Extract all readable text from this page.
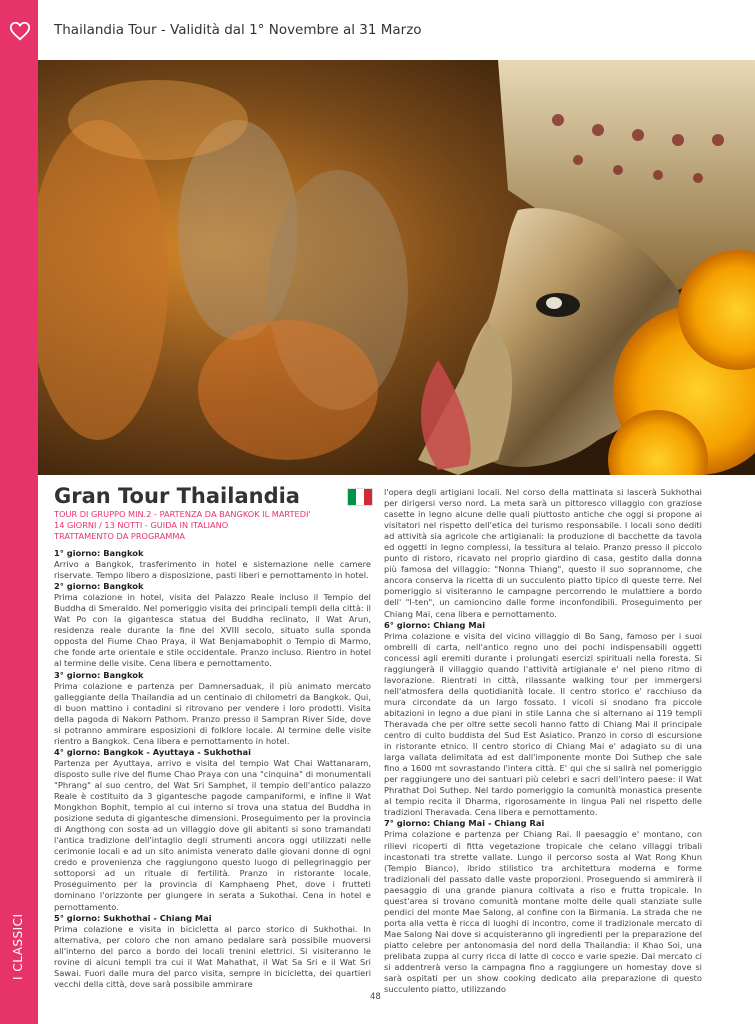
I CLASSICI
Thailandia Tour - Validità dal 1° Novembre al 31 Marzo
Gran Tour Thailandia
TOUR DI GRUPPO MIN.2 - PARTENZA DA BANGKOK IL MARTEDI'
14 GIORNI / 13 NOTTI - GUIDA IN ITALIANO
TRATTAMENTO DA PROGRAMMA
1° giorno: Bangkok

Arrivo a Bangkok, trasferimento in hotel e sistemazione nelle camere riservate. Tempo libero a disposizione, pasti liberi e pernottamento in hotel.

2° giorno: Bangkok

Prima colazione in hotel, visita del Palazzo Reale incluso il Tempio del Buddha di Smeraldo. Nel pomeriggio visita dei principali templi della città: il Wat Po con la gigantesca statua del Buddha reclinato, il Wat Arun, residenza reale durante la fine del XVIII secolo, situato sulla sponda opposta del Fiume Chao Praya, il Wat Benjamabophit o Tempio di Marmo, che fonde arte orientale e stile occidentale. Pranzo incluso. Rientro in hotel al termine delle visite. Cena libera e pernottamento.

3° giorno: Bangkok

Prima colazione e partenza per Damnersaduak, il più animato mercato galleggiante della Thailandia ad un centinaio di chilometri da Bangkok. Qui, di buon mattino i contadini si ritrovano per vendere i loro prodotti. Visita della pagoda di Nakorn Pathom. Pranzo presso il Sampran River Side, dove si potranno ammirare esposizioni di folklore locale. Al termine delle visite rientro a Bangkok. Cena libera e pernottamento in hotel.

4° giorno: Bangkok - Ayuttaya - Sukhothai

Partenza per Ayuttaya, arrivo e visita del tempio Wat Chai Wattanaram, disposto sulle rive del fiume Chao Praya con una "cinquina" di monumentali "Phrang" al suo centro, del Wat Sri Samphet, il tempio dell'antico palazzo Reale è costituito da 3 gigantesche pagode campaniformi, e infine il Wat Mongkhon Bophit, tempio al cui interno si trova una statua del Buddha in posizione seduta di gigantesche dimensioni. Proseguimento per la provincia di Angthong con sosta ad un villaggio dove gli abitanti si sono tramandati l'antica tradizione dell'intaglio degli strumenti ancora oggi utilizzati nelle cerimonie locali e ad un sito animista venerato dalle giovani donne di ogni credo e provenienza che raggiungono questo luogo di pellegrinaggio per sottoporsi ad un rituale di fertilità. Pranzo in ristorante locale. Proseguimento per la provincia di Kamphaeng Phet, dove i frutteti dominano l'orizzonte per giungere in serata a Sukothai. Cena in hotel e pernottamento.

5° giorno: Sukhothai - Chiang Mai

Prima colazione e visita in bicicletta al parco storico di Sukhothai. In alternativa, per coloro che non amano pedalare sarà possibile muoversi all'interno del parco a bordo dei locali trenini elettrici. Si visiteranno le rovine di alcuni templi tra cui il Wat Mahathat, il Wat Sa Sri e il Wat Sri Sawai. Fuori dalle mura del parco visita, sempre in bicicletta, dei quartieri vecchi della città, dove sarà possibile ammirare

l'opera degli artigiani locali. Nel corso della mattinata si lascerà Sukhothai per dirigersi verso nord. La meta sarà un pittoresco villaggio con graziose casette in legno alcune delle quali piuttosto antiche che oggi si propone ai visitatori nel rispetto dell'etica del turismo responsabile. I locali sono dediti ad attività sia agricole che artigianali: la produzione di bacchette da tavola ed oggetti in legno complessi, la tessitura al telaio. Pranzo presso il piccolo punto di ristoro, ricavato nel proprio giardino di casa, gestito dalla donna più famosa del villaggio: "Nonna Thiang", questo il suo soprannome, che ancora conserva la ricetta di un succulento piatto tipico di queste terre. Nel pomeriggio si visiteranno le campagne percorrendo le mulattiere a bordo dell' "I-ten", un camioncino dalle forme inconfondibili. Proseguimento per Chiang Mai, cena libera e pernottamento.

6° giorno: Chiang Mai

Prima colazione e visita del vicino villaggio di Bo Sang, famoso per i suoi ombrelli di carta, nell'antico regno uno dei pochi indispensabili oggetti concessi agli eremiti durante i prolungati esercizi spirituali nella foresta. Si raggiungerà il villaggio quando l'attività artigianale e' nel pieno ritmo di lavorazione. Rientrati in città, rilassante walking tour per immergersi nell'atmosfera della quotidianità locale. Il centro storico e' racchiuso da mura circondate da un largo fossato. I vicoli si snodano fra piccole abitazioni in legno a due piani in stile Lanna che si alternano ai 119 templi Theravada che per oltre sette secoli hanno fatto di Chiang Mai il principale centro di culto buddista del Sud Est Asiatico. Pranzo in corso di escursione in ristorante etnico. Il centro storico di Chiang Mai e' adagiato su di una larga vallata delimitata ad est dall'imponente monte Doi Suthep che sale fino a 1600 mt sovrastando l'intera città. E' qui che si salirà nel pomeriggio per raggiungere uno dei santuari più celebri e sacri dell'intero paese: il Wat Phrathat Doi Suthep. Nel tardo pomeriggio la comunità monastica presente al tempio recita il Dharma, rigorosamente in lingua Pali nel rispetto delle tradizioni Theravada. Cena libera e pernottamento.

7° giorno: Chiang Mai - Chiang Rai

Prima colazione e partenza per Chiang Rai. Il paesaggio e' montano, con rilievi ricoperti di fitta vegetazione tropicale che celano villaggi tribali incastonati tra strette vallate. Lungo il percorso sosta al Wat Rong Khun (Tempio Bianco), ibrido stilistico tra architettura moderna e forme tradizionali del passato dalle vaste proporzioni. Proseguendo si ammirerà il paesaggio di una grande pianura coltivata a riso e frutta tropicale. In quest'area si trovano comunità montane molte delle quali stanziate sulle pendici del monte Mae Salong, al confine con la Birmania. La strada che ne porta alla vetta è ricca di luoghi di incontro, come il tradizionale mercato di Mae Salong Nai dove si acquisteranno gli ingredienti per la preparazione del piatto celebre per antonomasia del nord della Thailandia: il Khao Soi, una prelibata zuppa al curry ricca di latte di cocco e varie spezie. Dal mercato ci si addentrerà verso la campagna fino a raggiungere un homestay dove si sarà ospitati per un show cooking dedicato alla preparazione di questo succulento piatto, utilizzando

48
